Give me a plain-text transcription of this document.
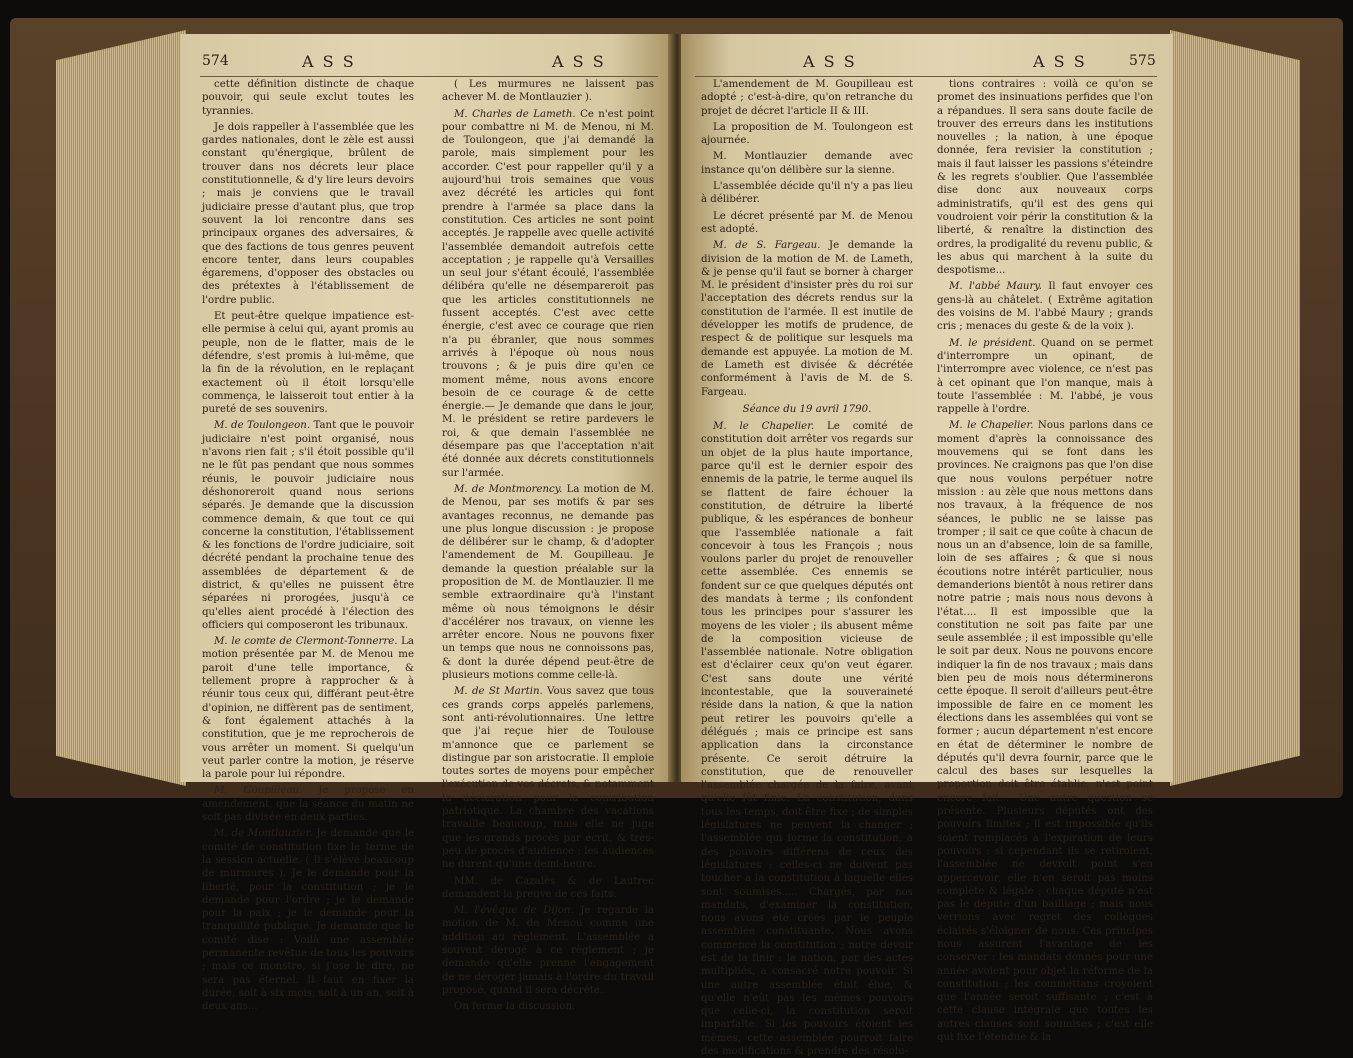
574	A S S	A S S

cette définition distincte de chaque pouvoir, qui seule exclut toutes les tyrannies.

Je dois rappeller à l'assemblée que les gardes nationales, dont le zèle est aussi constant qu'énergique, brûlent de trouver dans nos décrets leur place constitutionnelle, & d'y lire leurs devoirs ; mais je conviens que le travail judiciaire presse d'autant plus, que trop souvent la loi rencontre dans ses principaux organes des adversaires, & que des factions de tous genres peuvent encore tenter, dans leurs coupables égaremens, d'opposer des obstacles ou des prétextes à l'établissement de l'ordre public.

Et peut-être quelque impatience est-elle permise à celui qui, ayant promis au peuple, non de le flatter, mais de le défendre, s'est promis à lui-même, que la fin de la révolution, en le replaçant exactement où il étoit lorsqu'elle commença, le laisseroit tout entier à la pureté de ses souvenirs.

M. de Toulongeon. Tant que le pouvoir judiciaire n'est point organisé, nous n'avons rien fait ; s'il étoit possible qu'il ne le fût pas pendant que nous sommes réunis, le pouvoir judiciaire nous déshonoreroit quand nous serions séparés. Je demande que la discussion commence demain, & que tout ce qui concerne la constitution, l'établissement & les fonctions de l'ordre judiciaire, soit décrété pendant la prochaine tenue des assemblées de département & de district, & qu'elles ne puissent être séparées ni prorogées, jusqu'à ce qu'elles aient procédé à l'élection des officiers qui composeront les tribunaux.

M. le comte de Clermont-Tonnerre. La motion présentée par M. de Menou me paroit d'une telle importance, & tellement propre à rapprocher & à réunir tous ceux qui, différant peut-être d'opinion, ne diffèrent pas de sentiment, & font également attachés à la constitution, que je me reprocherois de vous arrêter un moment. Si quelqu'un veut parler contre la motion, je réserve la parole pour lui répondre.

M. Goupilleau. Je propose en amendement, que la séance du matin ne soit pas divisée en deux parties.

M. de Montlauzier. Je demande que le comité de constitution fixe le terme de la session actuelle. ( Il s'élève beaucoup de murmures ). Je le demande pour la liberté, pour la constitution ; je le demande pour l'ordre ; je le demande pour la paix ; je le demande pour la tranquillité publique. Je demande que le comité dise : Voilà une assemblée permanente revêtue de tous les pouvoirs ; mais ce monstre, si j'ose le dire, ne sera pas éternel. Il faut en fixer la durée, soit à six mois, soit à un an, soit à deux ans...

( Les murmures ne laissent pas achever M. de Montlauzier ).

M. Charles de Lameth. Ce n'est point pour combattre ni M. de Menou, ni M. de Toulongeon, que j'ai demandé la parole, mais simplement pour les accorder. C'est pour rappeller qu'il y a aujourd'hui trois semaines que vous avez décrété les articles qui font prendre à l'armée sa place dans la constitution. Ces articles ne sont point acceptés. Je rappelle avec quelle activité l'assemblée demandoit autrefois cette acceptation ; je rappelle qu'à Versailles un seul jour s'étant écoulé, l'assemblée délibéra qu'elle ne désempareroit pas que les articles constitutionnels ne fussent acceptés. C'est avec cette énergie, c'est avec ce courage que rien n'a pu ébranler, que nous sommes arrivés à l'époque où nous nous trouvons ; & je puis dire qu'en ce moment même, nous avons encore besoin de ce courage & de cette énergie.— Je demande que dans le jour, M. le président se retire pardevers le roi, & que demain l'assemblée ne désempare pas que l'acceptation n'ait été donnée aux décrets constitutionnels sur l'armée.

M. de Montmorency. La motion de M. de Menou, par ses motifs & par ses avantages reconnus, ne demande pas une plus longue discussion : je propose de délibérer sur le champ, & d'adopter l'amendement de M. Goupilleau. Je demande la question préalable sur la proposition de M. de Montlauzier. Il me semble extraordinaire qu'à l'instant même où nous témoignons le désir d'accélérer nos travaux, on vienne les arrêter encore. Nous ne pouvons fixer un temps que nous ne connoissons pas, & dont la durée dépend peut-être de plusieurs motions comme celle-là.

M. de St Martin. Vous savez que tous ces grands corps appelés parlemens, sont anti-révolutionnaires. Une lettre que j'ai reçue hier de Toulouse m'annonce que ce parlement se distingue par son aristocratie. Il emploie toutes sortes de moyens pour empêcher l'exécution de vos décrets, & notamment la déclaration pour la contribution patriotique. La chambre des vacations travaille beaucoup, mais elle ne juge que les grands procès par écrit, & très-peu de procès d'audience : les audiences ne durent qu'une demi-heure.

MM. de Cazalès & de Lautrec demandent la preuve de ces faits.

M. l'évêque de Dijon. Je regarde la motion de M. de Menou comme une addition au règlement. L'assemblée a souvent dérogé à ce règlement ; je demande qu'elle prenne l'engagement de ne déroger jamais à l'ordre du travail proposé, quand il sera décrété.

On ferme la discussion.

A S S	A S S	575

L'amendement de M. Goupilleau est adopté ; c'est-à-dire, qu'on retranche du projet de décret l'article II & III.

La proposition de M. Toulongeon est ajournée.

M. Montlauzier demande avec instance qu'on délibère sur la sienne.

L'assemblée décide qu'il n'y a pas lieu à délibérer.

Le décret présenté par M. de Menou est adopté.

M. de S. Fargeau. Je demande la division de la motion de M. de Lameth, & je pense qu'il faut se borner à charger M. le président d'insister près du roi sur l'acceptation des décrets rendus sur la constitution de l'armée. Il est inutile de développer les motifs de prudence, de respect & de politique sur lesquels ma demande est appuyée. La motion de M. de Lameth est divisée & décrétée conformément à l'avis de M. de S. Fargeau.

Séance du 19 avril 1790.

M. le Chapelier. Le comité de constitution doit arrêter vos regards sur un objet de la plus haute importance, parce qu'il est le dernier espoir des ennemis de la patrie, le terme auquel ils se flattent de faire échouer la constitution, de détruire la liberté publique, & les espérances de bonheur que l'assemblée nationale a fait concevoir à tous les François ; nous voulons parler du projet de renouveller cette assemblée. Ces ennemis se fondent sur ce que quelques députés ont des mandats à terme ; ils confondent tous les principes pour s'assurer les moyens de les violer ; ils abusent même de la composition vicieuse de l'assemblée nationale. Notre obligation est d'éclairer ceux qu'on veut égarer. C'est sans doute une vérité incontestable, que la souveraineté réside dans la nation, & que la nation peut retirer les pouvoirs qu'elle a délégués ; mais ce principe est sans application dans la circonstance présente. Ce seroit détruire la constitution, que de renouveller l'assemblée chargée de la faire, avant qu'elle fût finie. La constitution, dans tous les temps, doit être fixe ; de simples législatures ne peuvent la changer ; l'assemblée qui forme la constitution, a des pouvoirs différens de ceux des législatures : celles-ci ne doivent pas toucher à la constitution à laquelle elles sont soumises..... Chargés, par nos mandats, d'examiner la constitution, nous avons été créés par le peuple assemblée constituante. Nous avons commencé la constitution ; notre devoir est de la finir : la nation, par des actes multipliés, a consacré notre pouvoir. Si une autre assemblée étoit élue, & qu'elle n'eût pas les mêmes pouvoirs que celle-ci, la constitution seroit imparfaite. Si les pouvoirs étoient les mêmes, cette assemblée pourroit faire des modifications & prendre des résolu-

tions contraires : voilà ce qu'on se promet des insinuations perfides que l'on a répandues. Il sera sans doute facile de trouver des erreurs dans les institutions nouvelles ; la nation, à une époque donnée, fera revisier la constitution ; mais il faut laisser les passions s'éteindre & les regrets s'oublier. Que l'assemblée dise donc aux nouveaux corps administratifs, qu'il est des gens qui voudroient voir périr la constitution & la liberté, & renaître la distinction des ordres, la prodigalité du revenu public, & les abus qui marchent à la suite du despotisme...

M. l'abbé Maury. Il faut envoyer ces gens-là au châtelet. ( Extrême agitation des voisins de M. l'abbé Maury ; grands cris ; menaces du geste & de la voix ).

M. le président. Quand on se permet d'interrompre un opinant, de l'interrompre avec violence, ce n'est pas à cet opinant que l'on manque, mais à toute l'assemblée : M. l'abbé, je vous rappelle à l'ordre.

M. le Chapelier. Nous parlons dans ce moment d'après la connoissance des mouvemens qui se font dans les provinces. Ne craignons pas que l'on dise que nous voulons perpétuer notre mission : au zèle que nous mettons dans nos travaux, à la fréquence de nos séances, le public ne se laisse pas tromper ; il sait ce que coûte à chacun de nous un an d'absence, loin de sa famille, loin de ses affaires ; & que si nous écoutions notre intérêt particulier, nous demanderions bientôt à nous retirer dans notre patrie ; mais nous nous devons à l'état.... Il est impossible que la constitution ne soit pas faite par une seule assemblée ; il est impossible qu'elle le soit par deux. Nous ne pouvons encore indiquer la fin de nos travaux ; mais dans bien peu de mois nous déterminerons cette époque. Il seroit d'ailleurs peut-être impossible de faire en ce moment les élections dans les assemblées qui vont se former ; aucun département n'est encore en état de déterminer le nombre de députés qu'il devra fournir, parce que le calcul des bases sur lesquelles la proportion doit être établie, n'est point encore fait... Une autre question se présente. Plusieurs députés ont des pouvoirs limités ; il est impossible qu'ils soient remplacés à l'expiration de leurs pouvoirs : si cependant ils se retiroient, l'assemblée ne devroit point s'en appercevoir, elle n'en seroit pas moins complète & légale ; chaque député n'est pas le député d'un bailliage ; mais nous verrions avec regret des collègues éclairés s'éloigner de nous. Ces principes nous assurent l'avantage de les conserver : les mandats donnés pour une année avoient pour objet la réforme de la constitution ; les commettans croyoient que l'année seroit suffisante ; c'est à cette clause intégrale que toutes les autres clauses sont soumises ; c'est elle qui fixe l'étendue & la
